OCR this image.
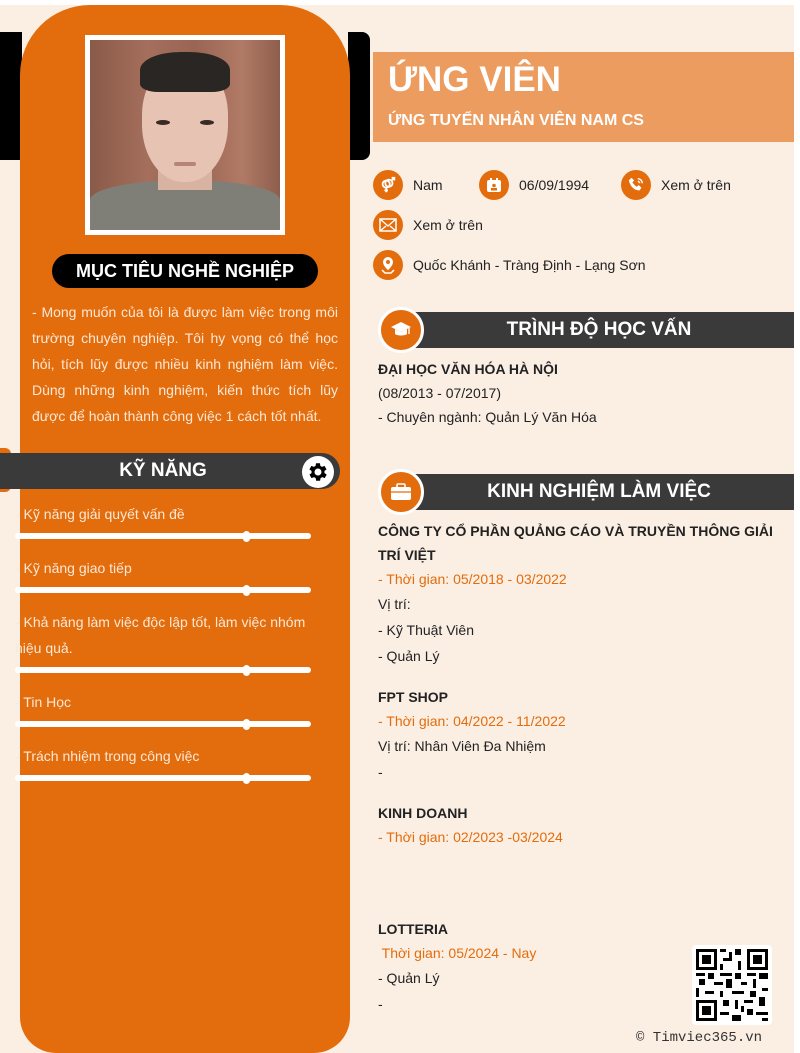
MỤC TIÊU NGHỀ NGHIỆP
- Mong muốn của tôi là được làm việc trong môi trường chuyên nghiệp. Tôi hy vọng có thể học hỏi, tích lũy được nhiều kinh nghiệm làm việc. Dùng những kinh nghiệm, kiến thức tích lũy được để hoàn thành công việc 1 cách tốt nhất.
KỸ NĂNG
- Kỹ năng giải quyết vấn đề
- Kỹ năng giao tiếp
- Khả năng làm việc độc lập tốt, làm việc nhóm hiệu quả.
- Tin Học
- Trách nhiệm trong công việc
ỨNG VIÊN
ỨNG TUYỂN NHÂN VIÊN NAM CS
Nam	06/09/1994	Xem ở trên
Xem ở trên
Quốc Khánh - Tràng Định - Lạng Sơn
TRÌNH ĐỘ HỌC VẤN
ĐẠI HỌC VĂN HÓA HÀ NỘI
(08/2013 - 07/2017)
- Chuyên ngành: Quản Lý Văn Hóa
KINH NGHIỆM LÀM VIỆC
CÔNG TY CỔ PHẦN QUẢNG CÁO VÀ TRUYỀN THÔNG GIẢI TRÍ VIỆT
- Thời gian: 05/2018 - 03/2022
Vị trí:
- Kỹ Thuật Viên
- Quản Lý
FPT SHOP
- Thời gian: 04/2022 - 11/2022
Vị trí: Nhân Viên Đa Nhiệm
-
KINH DOANH
- Thời gian: 02/2023 -03/2024
LOTTERIA
Thời gian: 05/2024 - Nay
- Quản Lý
-
© Timviec365.vn
